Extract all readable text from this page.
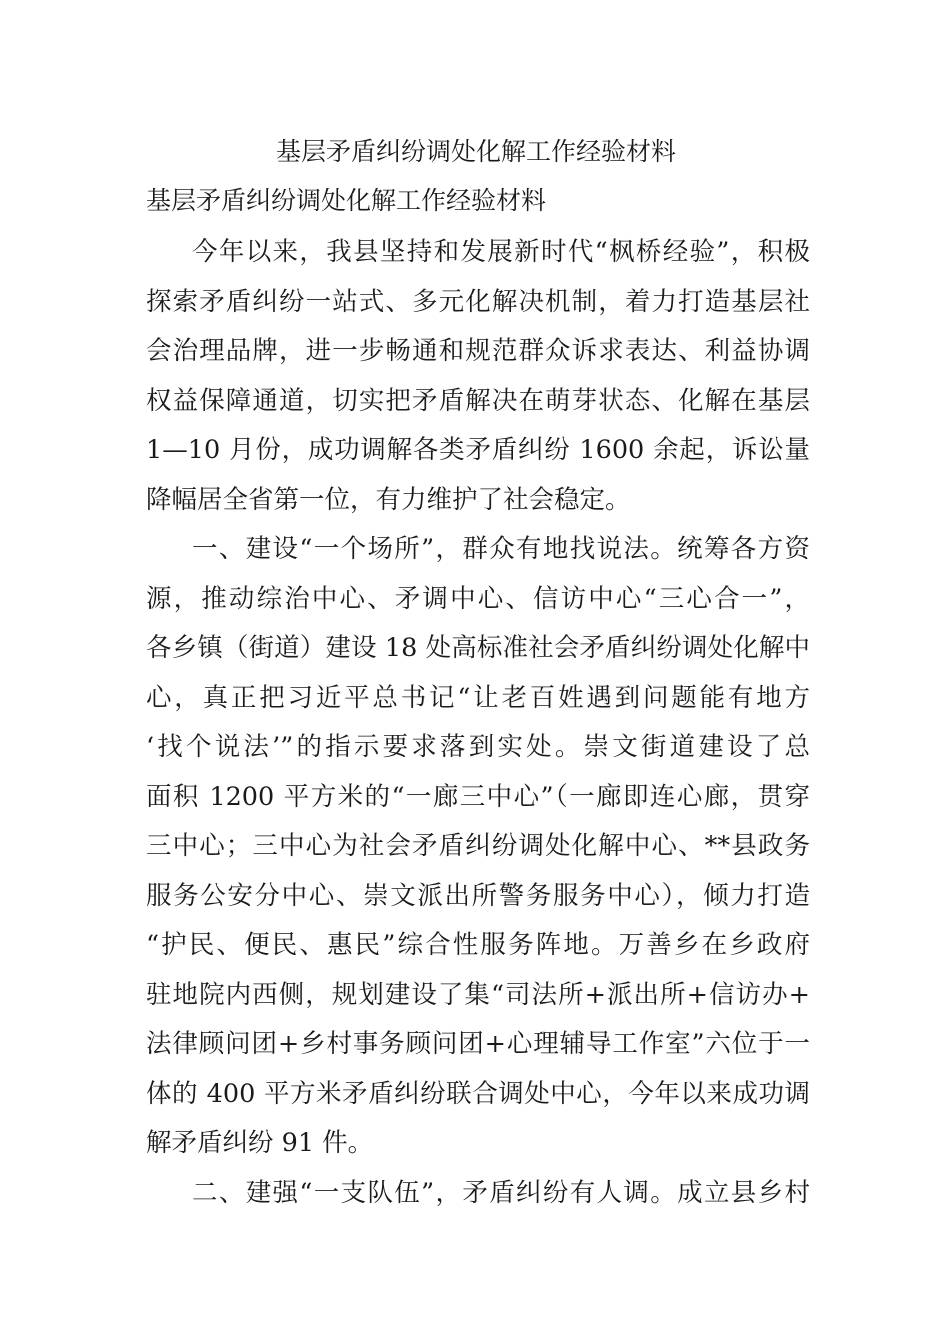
基层矛盾纠纷调处化解工作经验材料
基层矛盾纠纷调处化解工作经验材料
今年以来，我县坚持和发展新时代“枫桥经验”，积极
探索矛盾纠纷一站式、多元化解决机制，着力打造基层社
会治理品牌，进一步畅通和规范群众诉求表达、利益协调
权益保障通道，切实把矛盾解决在萌芽状态、化解在基层
1—10 月份，成功调解各类矛盾纠纷 1600 余起，诉讼量
降幅居全省第一位，有力维护了社会稳定。
一、建设“一个场所”，群众有地找说法。统筹各方资
源，推动综治中心、矛调中心、信访中心“三心合一”，
各乡镇（街道）建设 18 处高标准社会矛盾纠纷调处化解中
心，真正把习近平总书记“让老百姓遇到问题能有地方
‘找个说法’”的指示要求落到实处。崇文街道建设了总
面积 1200 平方米的“一廊三中心”（一廊即连心廊，贯穿
三中心；三中心为社会矛盾纠纷调处化解中心、**县政务
服务公安分中心、崇文派出所警务服务中心），倾力打造
“护民、便民、惠民”综合性服务阵地。万善乡在乡政府
驻地院内西侧，规划建设了集“司法所+派出所+信访办+
法律顾问团+乡村事务顾问团+心理辅导工作室”六位于一
体的 400 平方米矛盾纠纷联合调处中心，今年以来成功调
解矛盾纠纷 91 件。
二、建强“一支队伍”，矛盾纠纷有人调。成立县乡村
